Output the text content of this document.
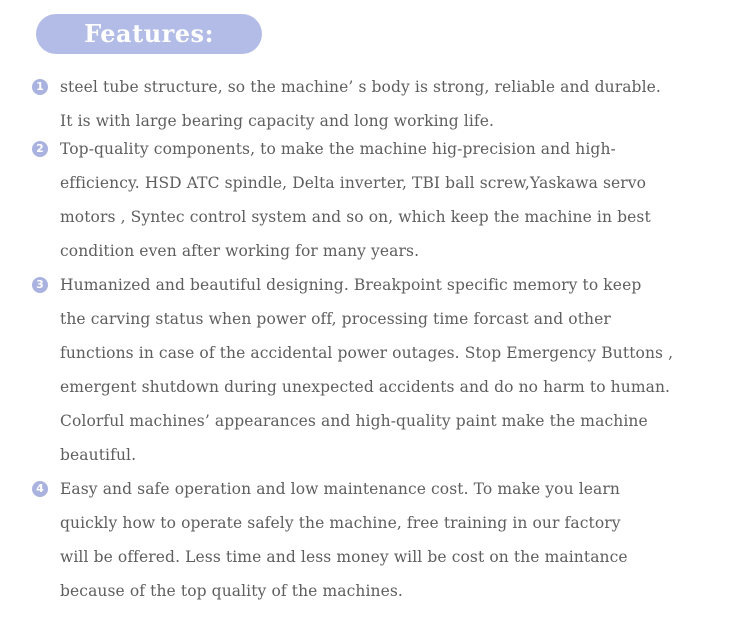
Features:
1 steel tube structure, so the machine’ s body is strong, reliable and durable.
It is with large bearing capacity and long working life.
2 Top-quality components, to make the machine hig-precision and high-
efficiency. HSD ATC spindle, Delta inverter, TBI ball screw,Yaskawa servo
motors , Syntec control system and so on, which keep the machine in best
condition even after working for many years.
3 Humanized and beautiful designing. Breakpoint specific memory to keep
the carving status when power off, processing time forcast and other
functions in case of the accidental power outages. Stop Emergency Buttons ,
emergent shutdown during unexpected accidents and do no harm to human.
Colorful machines’ appearances and high-quality paint make the machine
beautiful.
4 Easy and safe operation and low maintenance cost. To make you learn
quickly how to operate safely the machine, free training in our factory
will be offered. Less time and less money will be cost on the maintance
because of the top quality of the machines.
